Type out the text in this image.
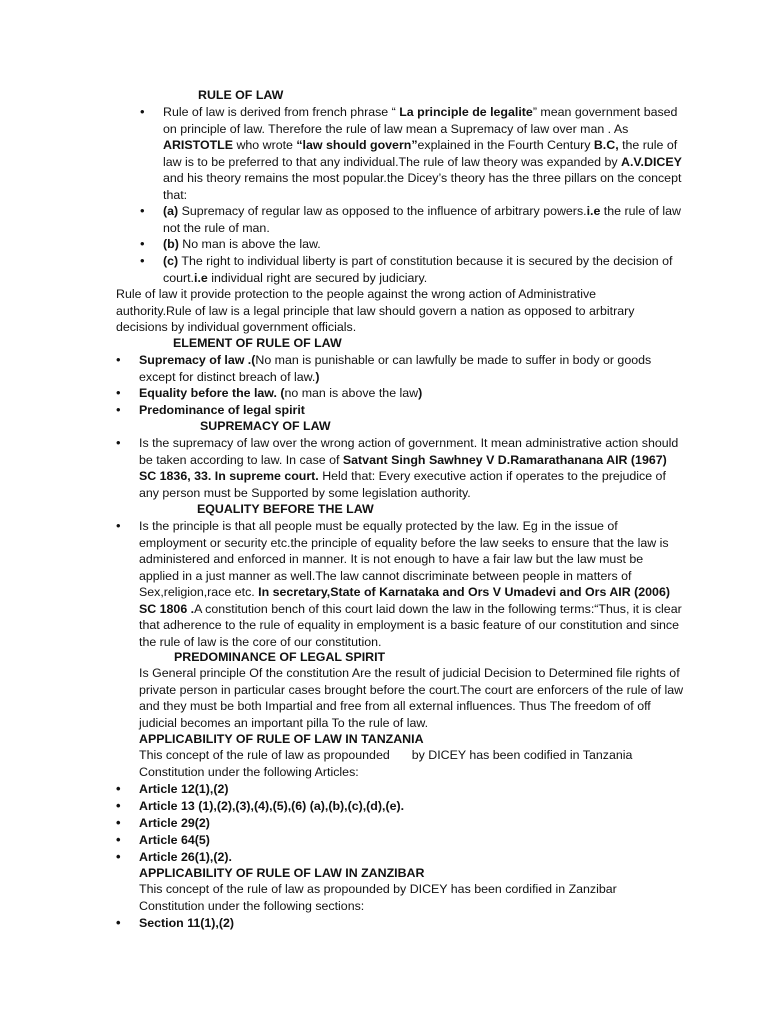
RULE OF LAW
• Rule of law is derived from french phrase “ La principle de legalite” mean government based on principle of law. Therefore the rule of law mean a Supremacy of law over man . As ARISTOTLE who wrote “law should govern”explained in the Fourth Century B.C, the rule of law is to be preferred to that any individual.The rule of law theory was expanded by A.V.DICEY and his theory remains the most popular.the Dicey’s theory has the three pillars on the concept that:
• (a) Supremacy of regular law as opposed to the influence of arbitrary powers.i.e the rule of law not the rule of man.
• (b) No man is above the law.
• (c) The right to individual liberty is part of constitution because it is secured by the decision of court.i.e individual right are secured by judiciary.
Rule of law it provide protection to the people against the wrong action of Administrative authority.Rule of law is a legal principle that law should govern a nation as opposed to arbitrary decisions by individual government officials.
ELEMENT OF RULE OF LAW
• Supremacy of law .(No man is punishable or can lawfully be made to suffer in body or goods except for distinct breach of law.)
• Equality before the law. (no man is above the law)
• Predominance of legal spirit
SUPREMACY OF LAW
• Is the supremacy of law over the wrong action of government. It mean administrative action should be taken according to law. In case of Satvant Singh Sawhney V D.Ramarathanana AIR (1967) SC 1836, 33. In supreme court. Held that: Every executive action if operates to the prejudice of any person must be Supported by some legislation authority.
EQUALITY BEFORE THE LAW
• Is the principle is that all people must be equally protected by the law. Eg in the issue of employment or security etc.the principle of equality before the law seeks to ensure that the law is administered and enforced in manner. It is not enough to have a fair law but the law must be applied in a just manner as well.The law cannot discriminate between people in matters of Sex,religion,race etc. In secretary,State of Karnataka and Ors V Umadevi and Ors AIR (2006) SC 1806 .A constitution bench of this court laid down the law in the following terms:“Thus, it is clear that adherence to the rule of equality in employment is a basic feature of our constitution and since the rule of law is the core of our constitution.
PREDOMINANCE OF LEGAL SPIRIT
Is General principle Of the constitution Are the result of judicial Decision to Determined file rights of private person in particular cases brought before the court.The court are enforcers of the rule of law and they must be both Impartial and free from all external influences. Thus The freedom of off judicial becomes an important pilla To the rule of law.
APPLICABILITY OF RULE OF LAW IN TANZANIA
This concept of the rule of law as propounded by DICEY has been codified in Tanzania
Constitution under the following Articles:
• Article 12(1),(2)
• Article 13 (1),(2),(3),(4),(5),(6) (a),(b),(c),(d),(e).
• Article 29(2)
• Article 64(5)
• Article 26(1),(2).
APPLICABILITY OF RULE OF LAW IN ZANZIBAR
This concept of the rule of law as propounded by DICEY has been cordified in Zanzibar Constitution under the following sections:
• Section 11(1),(2)
